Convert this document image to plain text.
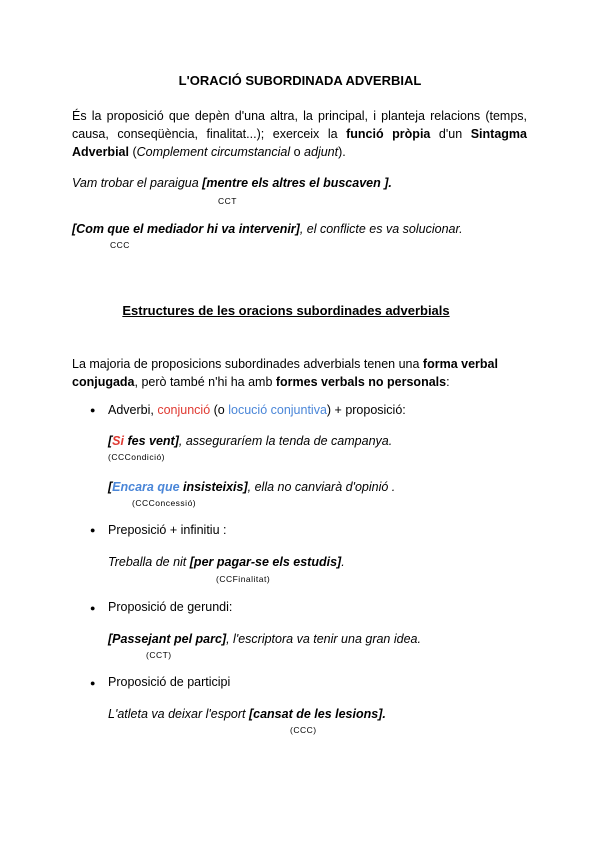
L'ORACIÓ SUBORDINADA ADVERBIAL
És la proposició que depèn d'una altra, la principal, i planteja relacions (temps, causa, conseqüència, finalitat...); exerceix la funció pròpia d'un Sintagma Adverbial (Complement circumstancial o adjunt).
Vam trobar el paraigua [mentre els altres el buscaven ].
CCT
[Com que el mediador hi va intervenir], el conflicte es va solucionar.
CCC
Estructures de les oracions subordinades adverbials
La majoria de proposicions subordinades adverbials tenen una forma verbal conjugada, però també n'hi ha amb formes verbals no personals:
● Adverbi, conjunció (o locució conjuntiva) + proposició:
[Si fes vent], asseguraríem la tenda de campanya.
(CCCondició)
[Encara que insisteixis], ella no canviarà d'opinió .
(CCConcessió)
● Preposició + infinitiu :
Treballa de nit [per pagar-se els estudis].
(CCFinalitat)
● Proposició de gerundi:
[Passejant pel parc], l'escriptora va tenir una gran idea.
(CCT)
● Proposició de participi
L'atleta va deixar l'esport [cansat de les lesions].
(CCC)
